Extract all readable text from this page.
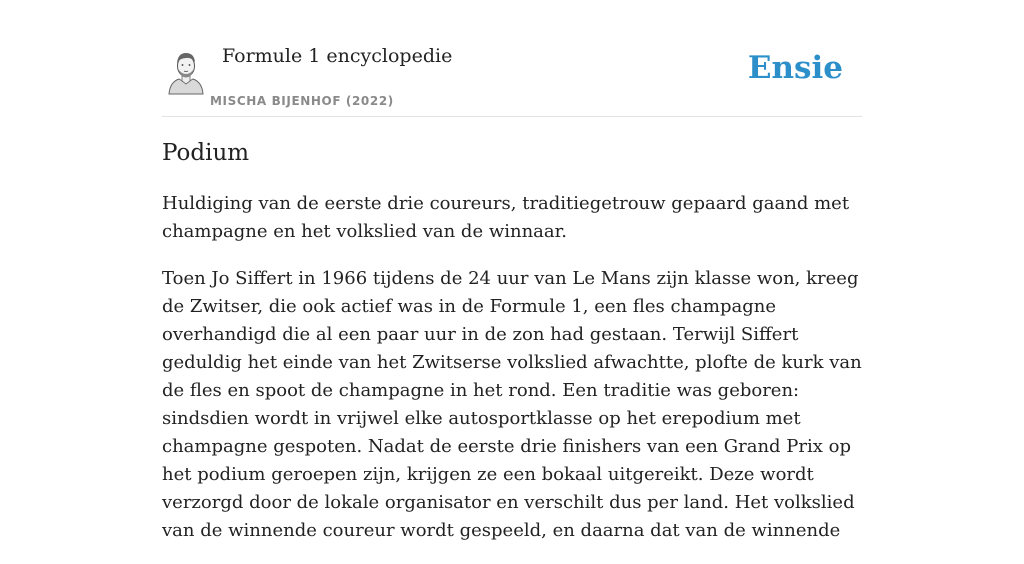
Formule 1 encyclopedie
MISCHA BIJENHOF (2022)
Ensie
Podium

Huldiging van de eerste drie coureurs, traditiegetrouw gepaard gaand met champagne en het volkslied van de winnaar.

Toen Jo Siffert in 1966 tijdens de 24 uur van Le Mans zijn klasse won, kreeg de Zwitser, die ook actief was in de Formule 1, een fles champagne overhandigd die al een paar uur in de zon had gestaan. Terwijl Siffert geduldig het einde van het Zwitserse volkslied afwachtte, plofte de kurk van de fles en spoot de champagne in het rond. Een traditie was geboren: sindsdien wordt in vrijwel elke autosportklasse op het erepodium met champagne gespoten. Nadat de eerste drie finishers van een Grand Prix op het podium geroepen zijn, krijgen ze een bokaal uitgereikt. Deze wordt verzorgd door de lokale organisator en verschilt dus per land. Het volkslied van de winnende coureur wordt gespeeld, en daarna dat van de winnende
